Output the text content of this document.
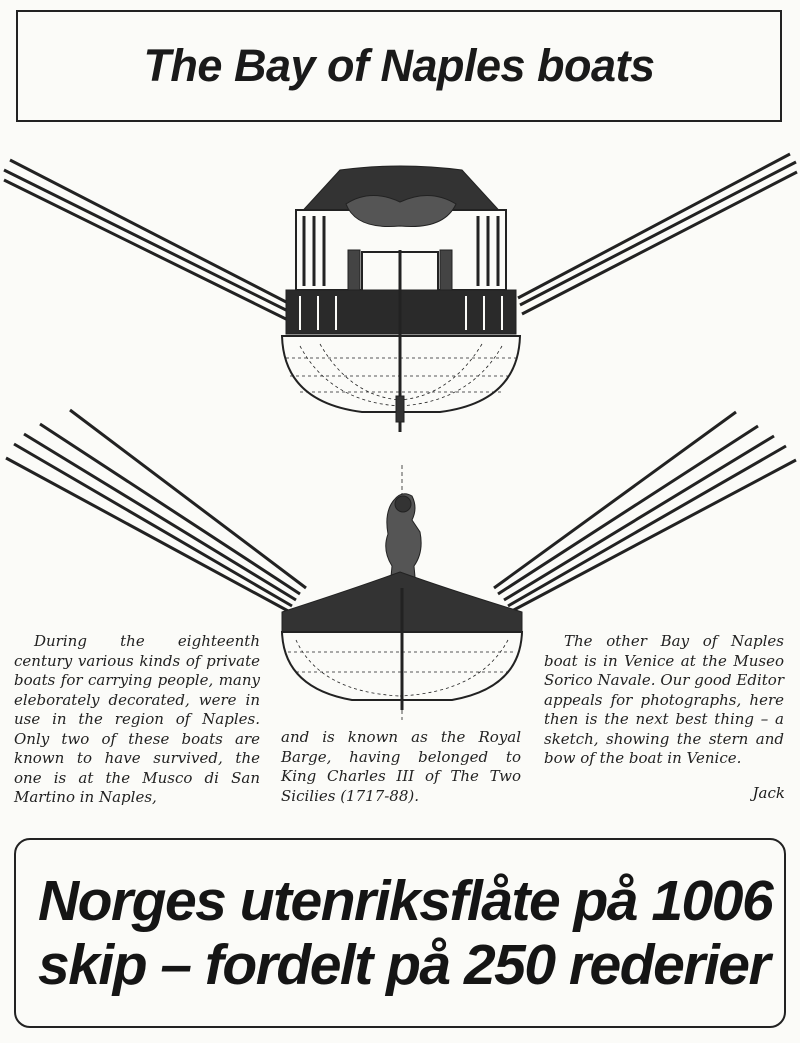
The Bay of Naples boats
During the eighteenth century various kinds of private boats for carrying people, many eleborately decorated, were in use in the region of Naples. Only two of these boats are known to have survived, the one is at the Musco di San Martino in Naples,
and is known as the Royal Barge, having belonged to King Charles III of The Two Sicilies (1717-88).
The other Bay of Naples boat is in Venice at the Museo Sorico Navale. Our good Editor appeals for photographs, here then is the next best thing – a sketch, showing the stern and bow of the boat in Venice.
Jack
Norges utenriksflåte på 1006
skip – fordelt på 250 rederier
